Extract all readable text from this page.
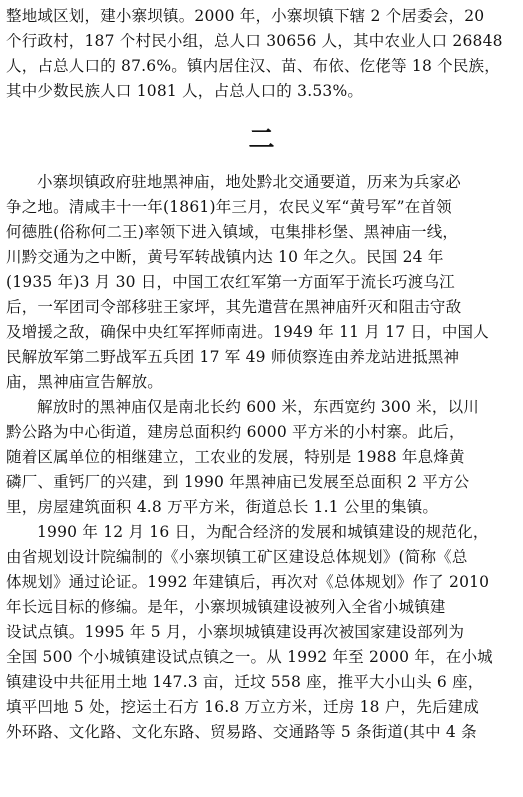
整地域区划，建小寨坝镇。2000 年，小寨坝镇下辖 2 个居委会，20
个行政村，187 个村民小组，总人口 30656 人，其中农业人口 26848
人，占总人口的 87.6%。镇内居住汉、苗、布依、仡佬等 18 个民族，
其中少数民族人口 1081 人，占总人口的 3.53%。
二
小寨坝镇政府驻地黑神庙，地处黔北交通要道，历来为兵家必
争之地。清咸丰十一年(1861)年三月，农民义军“黄号军”在首领
何德胜(俗称何二王)率领下进入镇域，屯集排杉堡、黑神庙一线，
川黔交通为之中断，黄号军转战镇内达 10 年之久。民国 24 年
(1935 年)3 月 30 日，中国工农红军第一方面军于流长巧渡乌江
后，一军团司令部移驻王家坪，其先遣营在黑神庙歼灭和阻击守敌
及增援之敌，确保中央红军挥师南进。1949 年 11 月 17 日，中国人
民解放军第二野战军五兵团 17 军 49 师侦察连由养龙站进抵黑神
庙，黑神庙宣告解放。
解放时的黑神庙仅是南北长约 600 米，东西宽约 300 米，以川
黔公路为中心街道，建房总面积约 6000 平方米的小村寨。此后，
随着区属单位的相继建立，工农业的发展，特别是 1988 年息烽黄
磷厂、重钙厂的兴建，到 1990 年黑神庙已发展至总面积 2 平方公
里，房屋建筑面积 4.8 万平方米，街道总长 1.1 公里的集镇。
1990 年 12 月 16 日，为配合经济的发展和城镇建设的规范化，
由省规划设计院编制的《小寨坝镇工矿区建设总体规划》(简称《总
体规划》通过论证。1992 年建镇后，再次对《总体规划》作了 2010
年长远目标的修编。是年，小寨坝城镇建设被列入全省小城镇建
设试点镇。1995 年 5 月，小寨坝城镇建设再次被国家建设部列为
全国 500 个小城镇建设试点镇之一。从 1992 年至 2000 年，在小城
镇建设中共征用土地 147.3 亩，迁坟 558 座，推平大小山头 6 座，
填平凹地 5 处，挖运土石方 16.8 万立方米，迁房 18 户，先后建成
外环路、文化路、文化东路、贸易路、交通路等 5 条街道(其中 4 条
